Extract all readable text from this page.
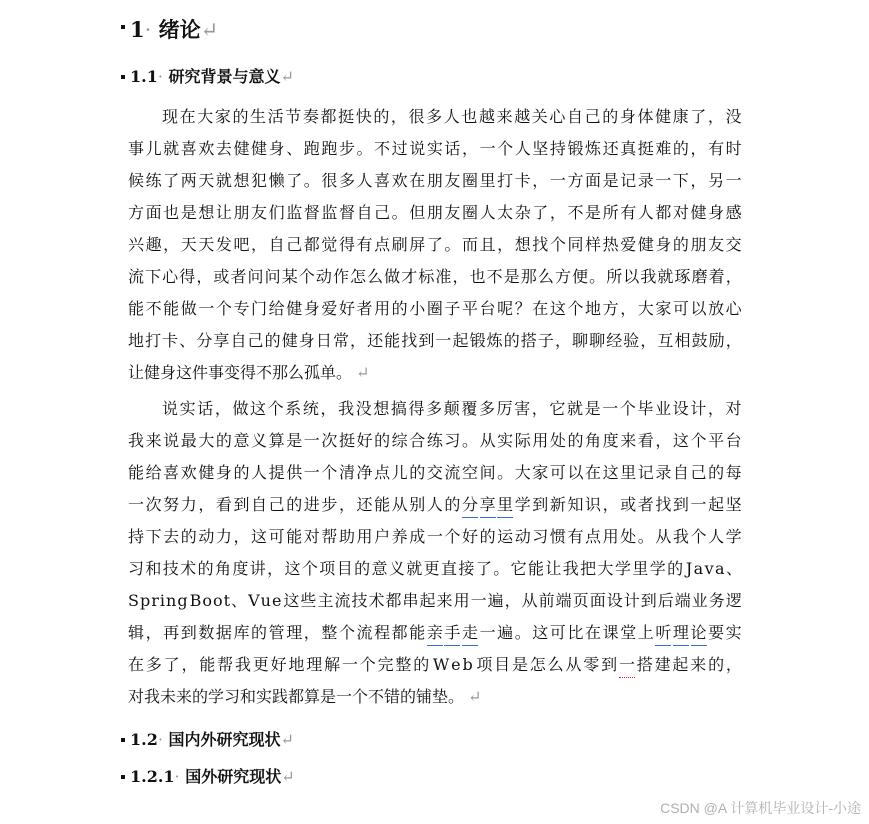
1· 绪论↵
1.1· 研究背景与意义↵
现 在 大 家 的 生 活 节 奏 都 挺 快 的 ， 很 多 人 也 越 来 越 关 心 自 己 的 身 体 健 康 了 ， 没
事 儿 就 喜 欢 去 健 健 身 、 跑 跑 步 。 不 过 说 实 话 ， 一 个 人 坚 持 锻 炼 还 真 挺 难 的 ， 有 时
候 练 了 两 天 就 想 犯 懒 了 。 很 多 人 喜 欢 在 朋 友 圈 里 打 卡 ， 一 方 面 是 记 录 一 下 ， 另 一
方 面 也 是 想 让 朋 友 们 监 督 监 督 自 己 。 但 朋 友 圈 人 太 杂 了 ， 不 是 所 有 人 都 对 健 身 感
兴 趣 ， 天 天 发 吧 ， 自 己 都 觉 得 有 点 刷 屏 了 。 而 且 ， 想 找 个 同 样 热 爱 健 身 的 朋 友 交
流 下 心 得 ， 或 者 问 问 某 个 动 作 怎 么 做 才 标 准 ， 也 不 是 那 么 方 便 。 所 以 我 就 琢 磨 着 ，
能 不 能 做 一 个 专 门 给 健 身 爱 好 者 用 的 小 圈 子 平 台 呢 ？ 在 这 个 地 方 ， 大 家 可 以 放 心
地 打 卡 、 分 享 自 己 的 健 身 日 常 ， 还 能 找 到 一 起 锻 炼 的 搭 子 ， 聊 聊 经 验 ， 互 相 鼓 励 ，
让健身这件事变得不那么孤单。 ↵
说 实 话 ， 做 这 个 系 统 ， 我 没 想 搞 得 多 颠 覆 多 厉 害 ， 它 就 是 一 个 毕 业 设 计 ， 对
我 来 说 最 大 的 意 义 算 是 一 次 挺 好 的 综 合 练 习 。 从 实 际 用 处 的 角 度 来 看 ， 这 个 平 台
能 给 喜 欢 健 身 的 人 提 供 一 个 清 净 点 儿 的 交 流 空 间 。 大 家 可 以 在 这 里 记 录 自 己 的 每
一 次 努 力 ， 看 到 自 己 的 进 步 ， 还 能 从 别 人 的 分 享 里 学 到 新 知 识 ， 或 者 找 到 一 起 坚
持 下 去 的 动 力 ， 这 可 能 对 帮 助 用 户 养 成 一 个 好 的 运 动 习 惯 有 点 用 处 。 从 我 个 人 学
习 和 技 术 的 角 度 讲 ， 这 个 项 目 的 意 义 就 更 直 接 了 。 它 能 让 我 把 大 学 里 学 的 J a v a 、
S p r i n g B o o t 、 V u e 这 些 主 流 技 术 都 串 起 来 用 一 遍 ， 从 前 端 页 面 设 计 到 后 端 业 务 逻
辑 ， 再 到 数 据 库 的 管 理 ， 整 个 流 程 都 能 亲 手 走 一 遍 。 这 可 比 在 课 堂 上 听 理 论 要 实
在 多 了 ， 能 帮 我 更 好 地 理 解 一 个 完 整 的 W e b 项 目 是 怎 么 从 零 到 一 搭 建 起 来 的 ，
对我未来的学习和实践都算是一个不错的铺垫。 ↵
1.2· 国内外研究现状↵
1.2.1· 国外研究现状↵
CSDN @A 计算机毕业设计-小途
